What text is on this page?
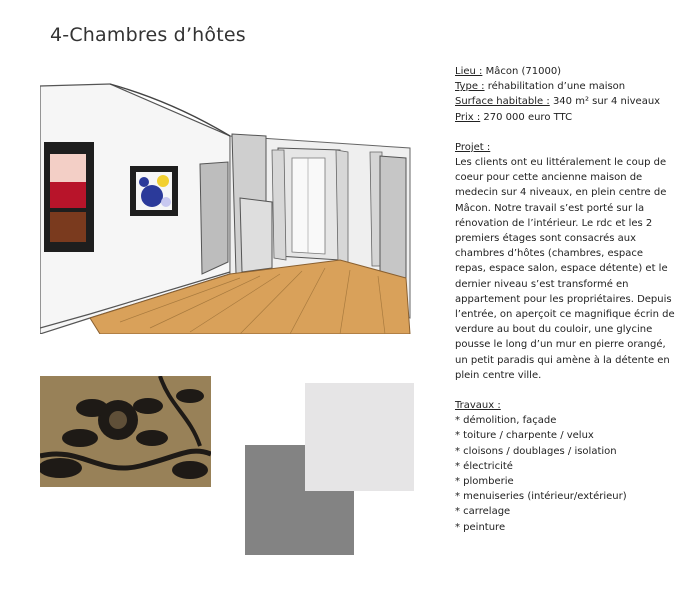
4-Chambres d’hôtes
Lieu : Mâcon (71000)
Type : réhabilitation d’une maison
Surface habitable : 340 m² sur 4 niveaux
Prix : 270 000 euro TTC
Projet :
Les clients ont eu littéralement le coup de coeur pour cette ancienne maison de medecin sur 4 niveaux, en plein centre de Mâcon. Notre travail s’est porté sur la rénovation de l’intérieur. Le rdc et les 2 premiers étages sont consacrés aux chambres d’hôtes (chambres, espace repas, espace salon, espace détente) et le dernier niveau s’est transformé en appartement pour les propriétaires. Depuis l’entrée, on aperçoit ce magnifique écrin de verdure au bout du couloir, une glycine pousse le long d’un mur en pierre orangé, un petit paradis qui amène à la détente en plein centre ville.
Travaux :
* démolition, façade
* toiture / charpente / velux
* cloisons / doublages / isolation
* électricité
* plomberie
* menuiseries (intérieur/extérieur)
* carrelage
* peinture
